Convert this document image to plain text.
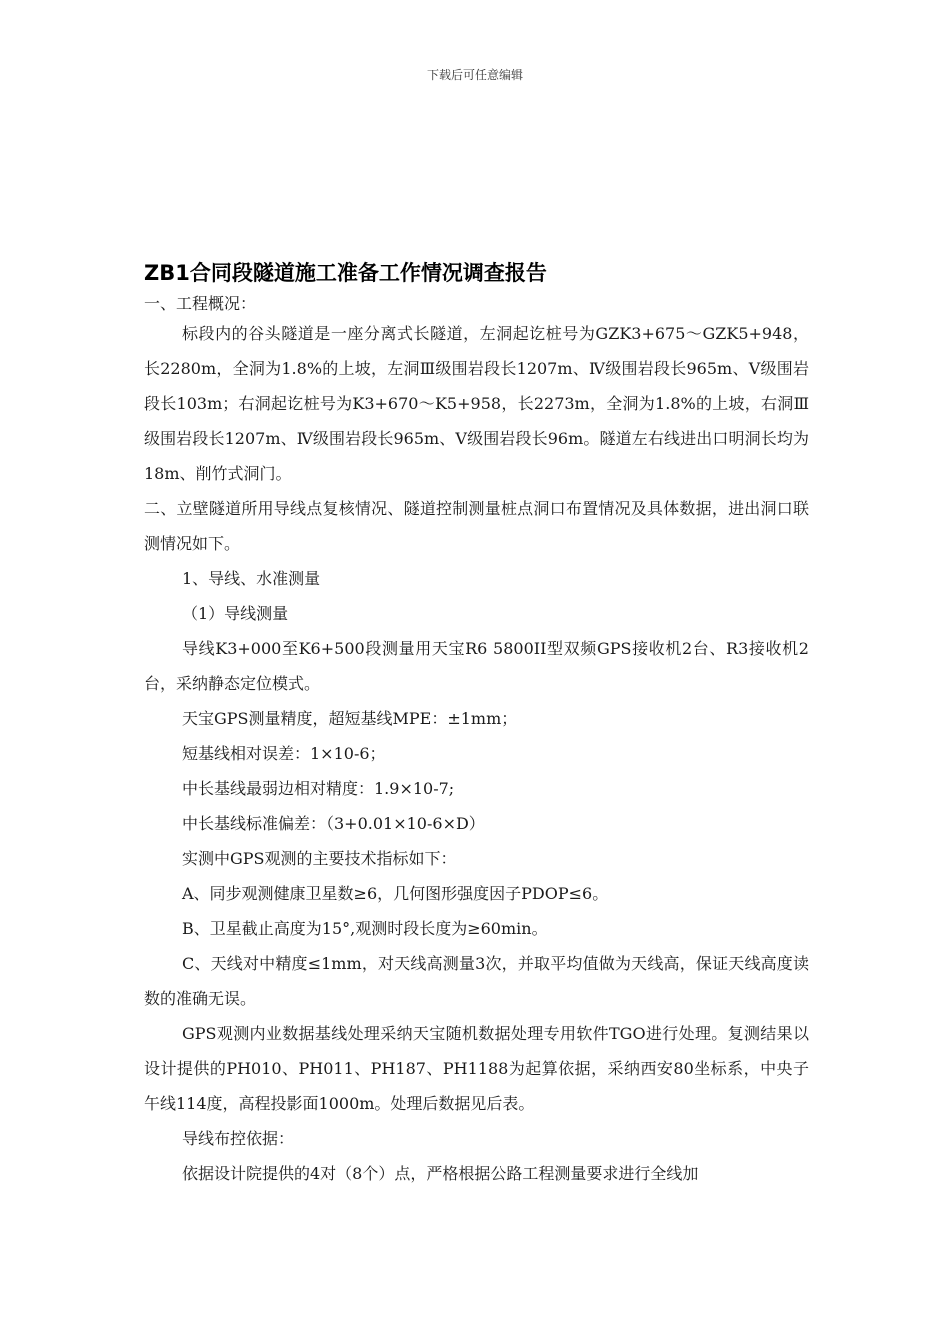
下载后可任意编辑
ZB1合同段隧道施工准备工作情况调查报告

一、工程概况：

标段内的谷头隧道是一座分离式长隧道，左洞起讫桩号为GZK3+675～GZK5+948，长2280m，全洞为1.8%的上坡，左洞Ⅲ级围岩段长1207m、Ⅳ级围岩段长965m、Ⅴ级围岩段长103m；右洞起讫桩号为K3+670～K5+958，长2273m，全洞为1.8%的上坡，右洞Ⅲ级围岩段长1207m、Ⅳ级围岩段长965m、Ⅴ级围岩段长96m。隧道左右线进出口明洞长均为18m、削竹式洞门。

二、立壁隧道所用导线点复核情况、隧道控制测量桩点洞口布置情况及具体数据，进出洞口联测情况如下。

1、导线、水准测量

（1）导线测量

导线K3+000至K6+500段测量用天宝R6 5800II型双频GPS接收机2台、R3接收机2台，采纳静态定位模式。

天宝GPS测量精度，超短基线MPE：±1mm；

短基线相对误差：1×10-6；

中长基线最弱边相对精度：1.9×10-7;

中长基线标准偏差：（3+0.01×10-6×D）

实测中GPS观测的主要技术指标如下：

A、同步观测健康卫星数≥6，几何图形强度因子PDOP≤6。

B、卫星截止高度为15°,观测时段长度为≥60min。

C、天线对中精度≤1mm，对天线高测量3次，并取平均值做为天线高，保证天线高度读数的准确无误。

GPS观测内业数据基线处理采纳天宝随机数据处理专用软件TGO进行处理。复测结果以设计提供的PH010、PH011、PH187、PH1188为起算依据，采纳西安80坐标系，中央子午线114度，高程投影面1000m。处理后数据见后表。

导线布控依据：

依据设计院提供的4对（8个）点，严格根据公路工程测量要求进行全线加
